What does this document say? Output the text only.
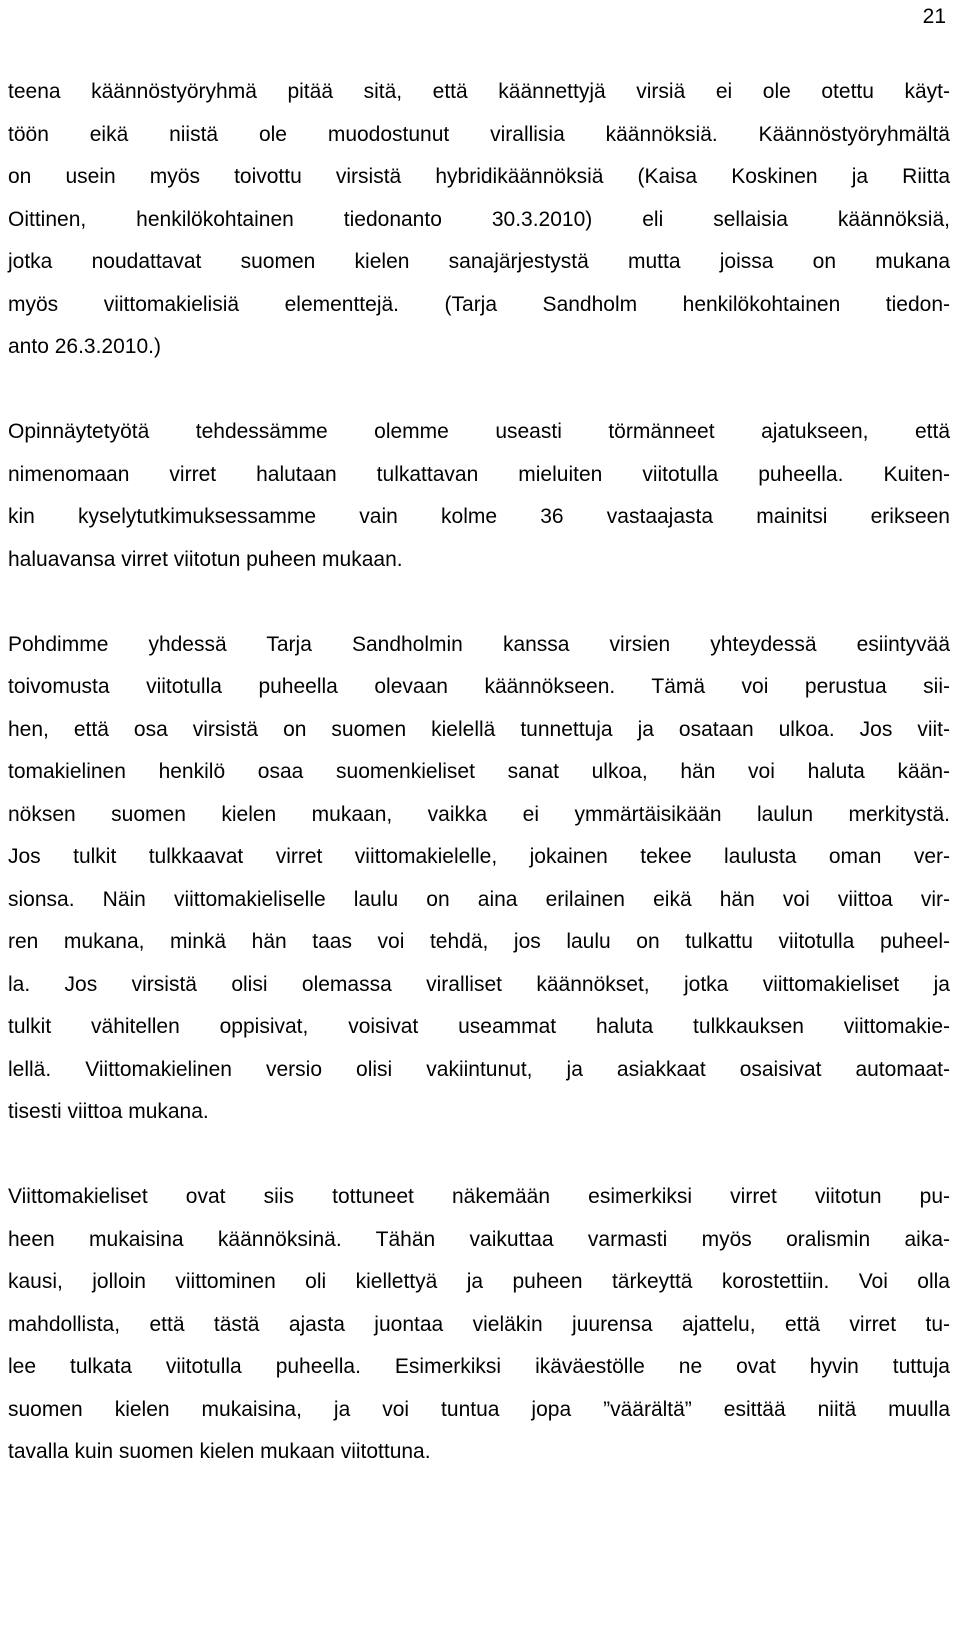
21
teena käännöstyöryhmä pitää sitä, että käännettyjä virsiä ei ole otettu käyt-
töön eikä niistä ole muodostunut virallisia käännöksiä. Käännöstyöryhmältä
on usein myös toivottu virsistä hybridikäännöksiä (Kaisa Koskinen ja Riitta
Oittinen, henkilökohtainen tiedonanto 30.3.2010) eli sellaisia käännöksiä,
jotka noudattavat suomen kielen sanajärjestystä mutta joissa on mukana
myös viittomakielisiä elementtejä. (Tarja Sandholm henkilökohtainen tiedon-
anto 26.3.2010.)
Opinnäytetyötä tehdessämme olemme useasti törmänneet ajatukseen, että
nimenomaan virret halutaan tulkattavan mieluiten viitotulla puheella. Kuiten-
kin kyselytutkimuksessamme vain kolme 36 vastaajasta mainitsi erikseen
haluavansa virret viitotun puheen mukaan.
Pohdimme yhdessä Tarja Sandholmin kanssa virsien yhteydessä esiintyvää
toivomusta viitotulla puheella olevaan käännökseen. Tämä voi perustua sii-
hen, että osa virsistä on suomen kielellä tunnettuja ja osataan ulkoa. Jos viit-
tomakielinen henkilö osaa suomenkieliset sanat ulkoa, hän voi haluta kään-
nöksen suomen kielen mukaan, vaikka ei ymmärtäisikään laulun merkitystä.
Jos tulkit tulkkaavat virret viittomakielelle, jokainen tekee laulusta oman ver-
sionsa. Näin viittomakieliselle laulu on aina erilainen eikä hän voi viittoa vir-
ren mukana, minkä hän taas voi tehdä, jos laulu on tulkattu viitotulla puheel-
la. Jos virsistä olisi olemassa viralliset käännökset, jotka viittomakieliset ja
tulkit vähitellen oppisivat, voisivat useammat haluta tulkkauksen viittomakie-
lellä. Viittomakielinen versio olisi vakiintunut, ja asiakkaat osaisivat automaat-
tisesti viittoa mukana.
Viittomakieliset ovat siis tottuneet näkemään esimerkiksi virret viitotun pu-
heen mukaisina käännöksinä. Tähän vaikuttaa varmasti myös oralismin aika-
kausi, jolloin viittominen oli kiellettyä ja puheen tärkeyttä korostettiin. Voi olla
mahdollista, että tästä ajasta juontaa vieläkin juurensa ajattelu, että virret tu-
lee tulkata viitotulla puheella. Esimerkiksi ikäväestölle ne ovat hyvin tuttuja
suomen kielen mukaisina, ja voi tuntua jopa ”väärältä” esittää niitä muulla
tavalla kuin suomen kielen mukaan viitottuna.
